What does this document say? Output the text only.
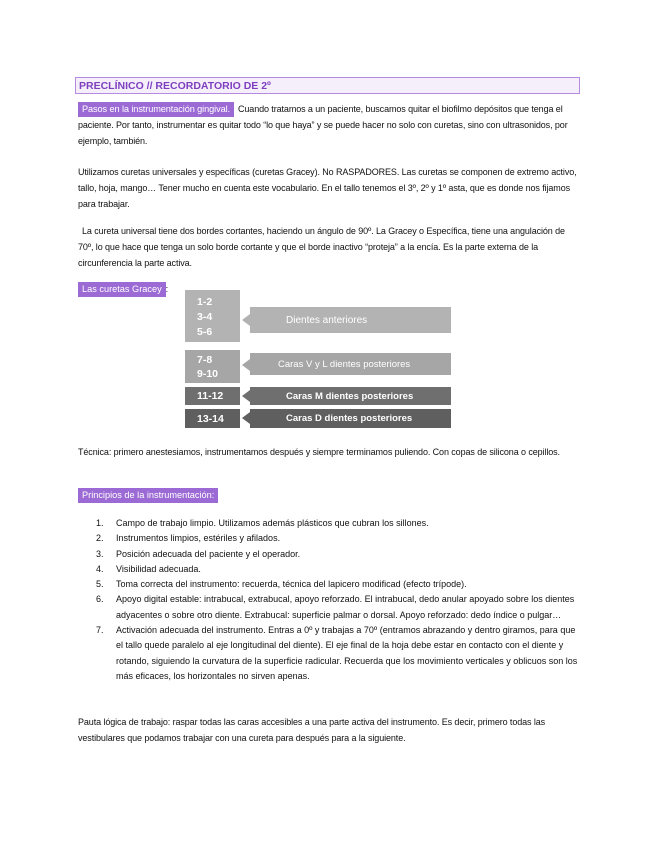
PRECLÍNICO // RECORDATORIO DE 2º
Pasos en la instrumentación gingival. Cuando tratamos a un paciente, buscamos quitar el biofilmo depósitos que tenga el paciente. Por tanto, instrumentar es quitar todo “lo que haya” y se puede hacer no solo con curetas, sino con ultrasonidos, por ejemplo, también.
Utilizamos curetas universales y específicas (curetas Gracey). No RASPADORES. Las curetas se componen de extremo activo, tallo, hoja, mango… Tener mucho en cuenta este vocabulario. En el tallo tenemos el 3º, 2º y 1º asta, que es donde nos fijamos para trabajar.
La cureta universal tiene dos bordes cortantes, haciendo un ángulo de 90º. La Gracey o Específica, tiene una angulación de 70º, lo que hace que tenga un solo borde cortante y que el borde inactivo “proteja” a la encía. Es la parte externa de la circunferencia la parte activa.
Las curetas Gracey :
1-2
3-4
5-6
Dientes anteriores
7-8
9-10
Caras V y L dientes posteriores
11-12	Caras M dientes posteriores
13-14	Caras D dientes posteriores
Técnica: primero anestesiamos, instrumentamos después y siempre terminamos puliendo. Con copas de silicona o cepillos.
Principios de la instrumentación:
1. Campo de trabajo limpio. Utilizamos además plásticos que cubran los sillones.
2. Instrumentos limpios, estériles y afilados.
3. Posición adecuada del paciente y el operador.
4. Visibilidad adecuada.
5. Toma correcta del instrumento: recuerda, técnica del lapicero modificad (efecto trípode).
6. Apoyo digital estable: intrabucal, extrabucal, apoyo reforzado. El intrabucal, dedo anular apoyado sobre los dientes adyacentes o sobre otro diente. Extrabucal: superficie palmar o dorsal. Apoyo reforzado: dedo índice o pulgar…
7. Activación adecuada del instrumento. Entras a 0º y trabajas a 70º (entramos abrazando y dentro giramos, para que el tallo quede paralelo al eje longitudinal del diente). El eje final de la hoja debe estar en contacto con el diente y rotando, siguiendo la curvatura de la superficie radicular. Recuerda que los movimiento verticales y oblicuos son los más eficaces, los horizontales no sirven apenas.
Pauta lógica de trabajo: raspar todas las caras accesibles a una parte activa del instrumento. Es decir, primero todas las vestibulares que podamos trabajar con una cureta para después para a la siguiente.
